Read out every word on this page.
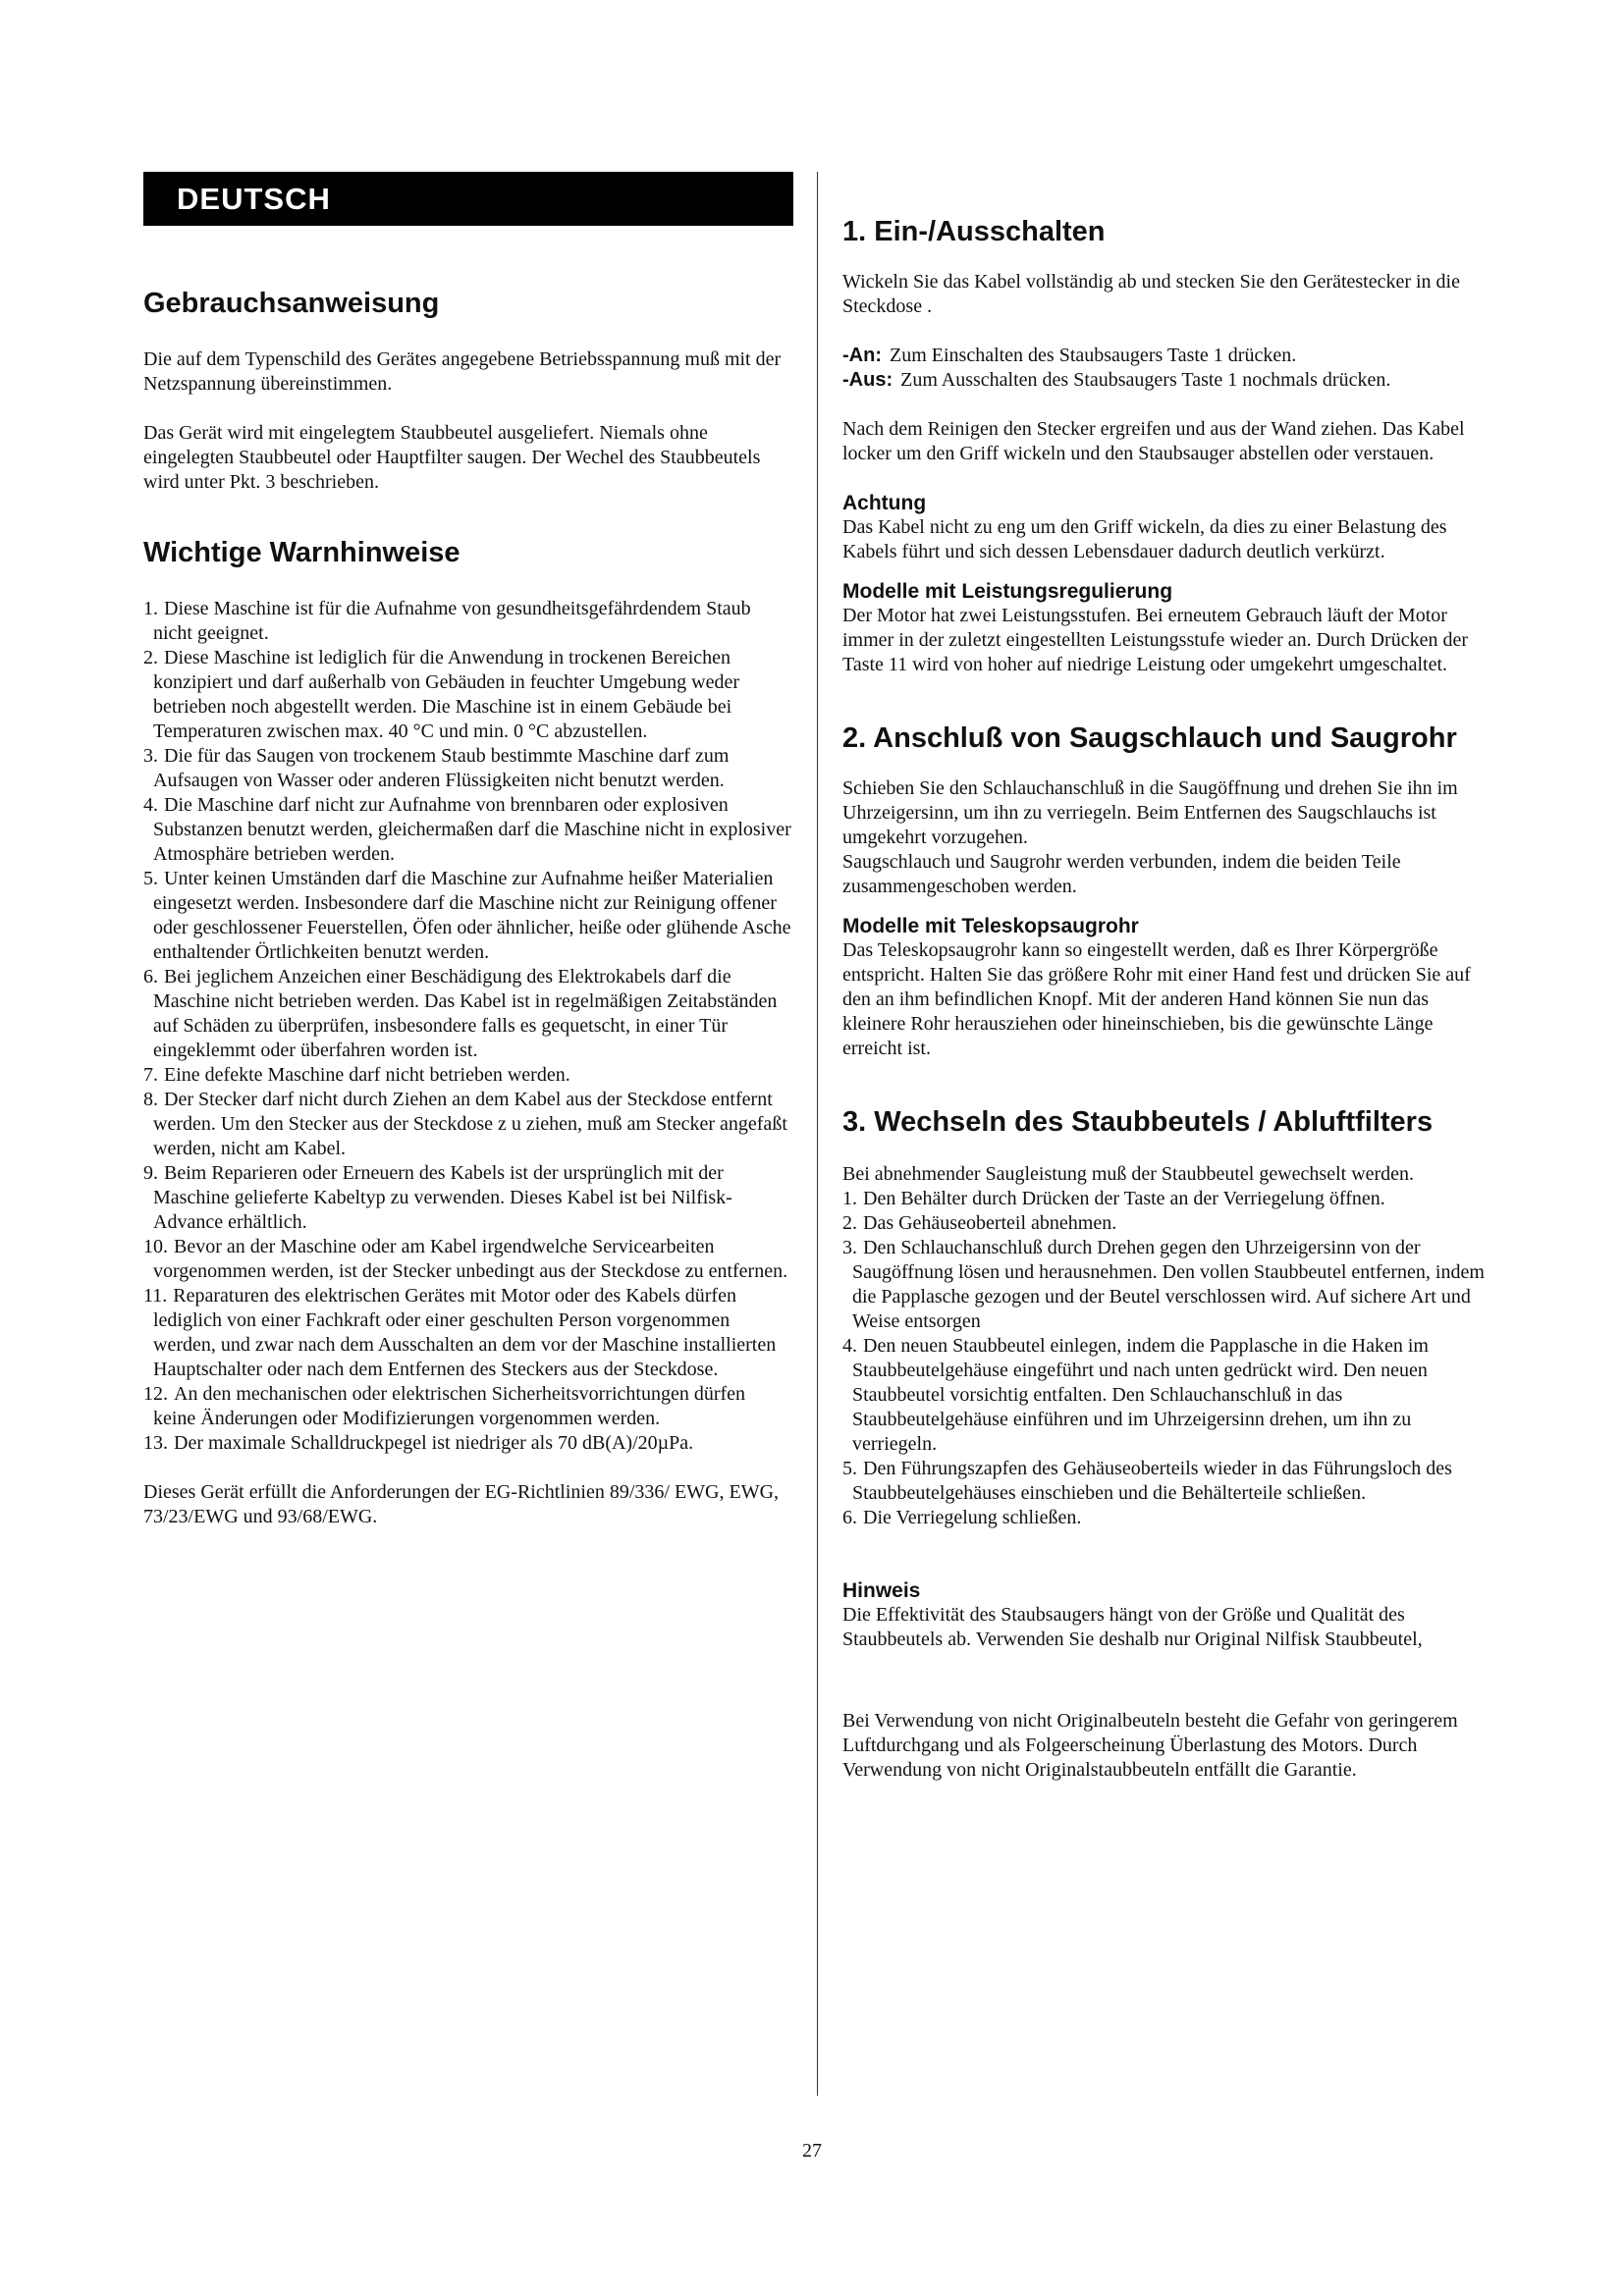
DEUTSCH
Gebrauchsanweisung

Die auf dem Typenschild des Gerätes angegebene Betriebsspannung muß mit der Netzspannung übereinstimmen.

Das Gerät wird mit eingelegtem Staubbeutel ausgeliefert. Niemals ohne eingelegten Staubbeutel oder Hauptfilter saugen. Der Wechel des Staubbeutels wird unter Pkt. 3 beschrieben.

Wichtige Warnhinweise
1. Diese Maschine ist für die Aufnahme von gesundheitsgefährdendem Staub nicht geeignet.
2. Diese Maschine ist lediglich für die Anwendung in trockenen Bereichen konzipiert und darf außerhalb von Gebäuden in feuchter Umgebung weder betrieben noch abgestellt werden. Die Maschine ist in einem Gebäude bei Temperaturen zwischen max. 40 °C und min. 0 °C abzustellen.
3. Die für das Saugen von trockenem Staub bestimmte Maschine darf zum Aufsaugen von Wasser oder anderen Flüssigkeiten nicht benutzt werden.
4. Die Maschine darf nicht zur Aufnahme von brennbaren oder explosiven Substanzen benutzt werden, gleichermaßen darf die Maschine nicht in explosiver Atmosphäre betrieben werden.
5. Unter keinen Umständen darf die Maschine zur Aufnahme heißer Materialien eingesetzt werden. Insbesondere darf die Maschine nicht zur Reinigung offener oder geschlossener Feuerstellen, Öfen oder ähnlicher, heiße oder glühende Asche enthaltender Örtlichkeiten benutzt werden.
6. Bei jeglichem Anzeichen einer Beschädigung des Elektrokabels darf die Maschine nicht betrieben werden. Das Kabel ist in regelmäßigen Zeitabständen auf Schäden zu überprüfen, insbesondere falls es gequetscht, in einer Tür eingeklemmt oder überfahren worden ist.
7. Eine defekte Maschine darf nicht betrieben werden.
8. Der Stecker darf nicht durch Ziehen an dem Kabel aus der Steckdose entfernt werden. Um den Stecker aus der Steckdose z u ziehen, muß am Stecker angefaßt werden, nicht am Kabel.
9. Beim Reparieren oder Erneuern des Kabels ist der ursprünglich mit der Maschine gelieferte Kabeltyp zu verwenden. Dieses Kabel ist bei Nilfisk-Advance erhältlich.
10. Bevor an der Maschine oder am Kabel irgendwelche Servicearbeiten vorgenommen werden, ist der Stecker unbedingt aus der Steckdose zu entfernen.
11. Reparaturen des elektrischen Gerätes mit Motor oder des Kabels dürfen lediglich von einer Fachkraft oder einer geschulten Person vorgenommen werden, und zwar nach dem Ausschalten an dem vor der Maschine installierten Hauptschalter oder nach dem Entfernen des Steckers aus der Steckdose.
12. An den mechanischen oder elektrischen Sicherheitsvorrichtungen dürfen keine Änderungen oder Modifizierungen vorgenommen werden.
13. Der maximale Schalldruckpegel ist niedriger als 70 dB(A)/20µPa.

Dieses Gerät erfüllt die Anforderungen der EG-Richtlinien 89/336/ EWG, EWG, 73/23/EWG und 93/68/EWG.

1. Ein-/Ausschalten

Wickeln Sie das Kabel vollständig ab und stecken Sie den Gerätestecker in die Steckdose .

-An: Zum Einschalten des Staubsaugers Taste 1 drücken.

-Aus: Zum Ausschalten des Staubsaugers Taste 1 nochmals drücken.

Nach dem Reinigen den Stecker ergreifen und aus der Wand ziehen. Das Kabel locker um den Griff wickeln und den Staubsauger abstellen oder verstauen.

Achtung

Das Kabel nicht zu eng um den Griff wickeln, da dies zu einer Belastung des Kabels führt und sich dessen Lebensdauer dadurch deutlich verkürzt.

Modelle mit Leistungsregulierung

Der Motor hat zwei Leistungsstufen. Bei erneutem Gebrauch läuft der Motor immer in der zuletzt eingestellten Leistungsstufe wieder an. Durch Drücken der Taste 11 wird von hoher auf niedrige Leistung oder umgekehrt umgeschaltet.

2. Anschluß von Saugschlauch und Saugrohr

Schieben Sie den Schlauchanschluß in die Saugöffnung und drehen Sie ihn im Uhrzeigersinn, um ihn zu verriegeln. Beim Entfernen des Saugschlauchs ist umgekehrt vorzugehen.

Saugschlauch und Saugrohr werden verbunden, indem die beiden Teile zusammengeschoben werden.

Modelle mit Teleskopsaugrohr

Das Teleskopsaugrohr kann so eingestellt werden, daß es Ihrer Körpergröße entspricht. Halten Sie das größere Rohr mit einer Hand fest und drücken Sie auf den an ihm befindlichen Knopf. Mit der anderen Hand können Sie nun das kleinere Rohr herausziehen oder hineinschieben, bis die gewünschte Länge erreicht ist.

3. Wechseln des Staubbeutels / Abluftfilters

Bei abnehmender Saugleistung muß der Staubbeutel gewechselt werden.

1. Den Behälter durch Drücken der Taste an der Verriegelung öffnen.
2. Das Gehäuseoberteil abnehmen.
3. Den Schlauchanschluß durch Drehen gegen den Uhrzeigersinn von der Saugöffnung lösen und herausnehmen. Den vollen Staubbeutel entfernen, indem die Papplasche gezogen und der Beutel verschlossen wird. Auf sichere Art und Weise entsorgen
4. Den neuen Staubbeutel einlegen, indem die Papplasche in die Haken im Staubbeutelgehäuse eingeführt und nach unten gedrückt wird. Den neuen Staubbeutel vorsichtig entfalten. Den Schlauchanschluß in das Staubbeutelgehäuse einführen und im Uhrzeigersinn drehen, um ihn zu verriegeln.
5. Den Führungszapfen des Gehäuseoberteils wieder in das Führungsloch des Staubbeutelgehäuses einschieben und die Behälterteile schließen.
6. Die Verriegelung schließen.
Hinweis

Die Effektivität des Staubsaugers hängt von der Größe und Qualität des Staubbeutels ab. Verwenden Sie deshalb nur Original Nilfisk Staubbeutel,

Bei Verwendung von nicht Originalbeuteln besteht die Gefahr von geringerem Luftdurchgang und als Folgeerscheinung Überlastung des Motors. Durch Verwendung von nicht Originalstaubbeuteln entfällt die Garantie.

27
